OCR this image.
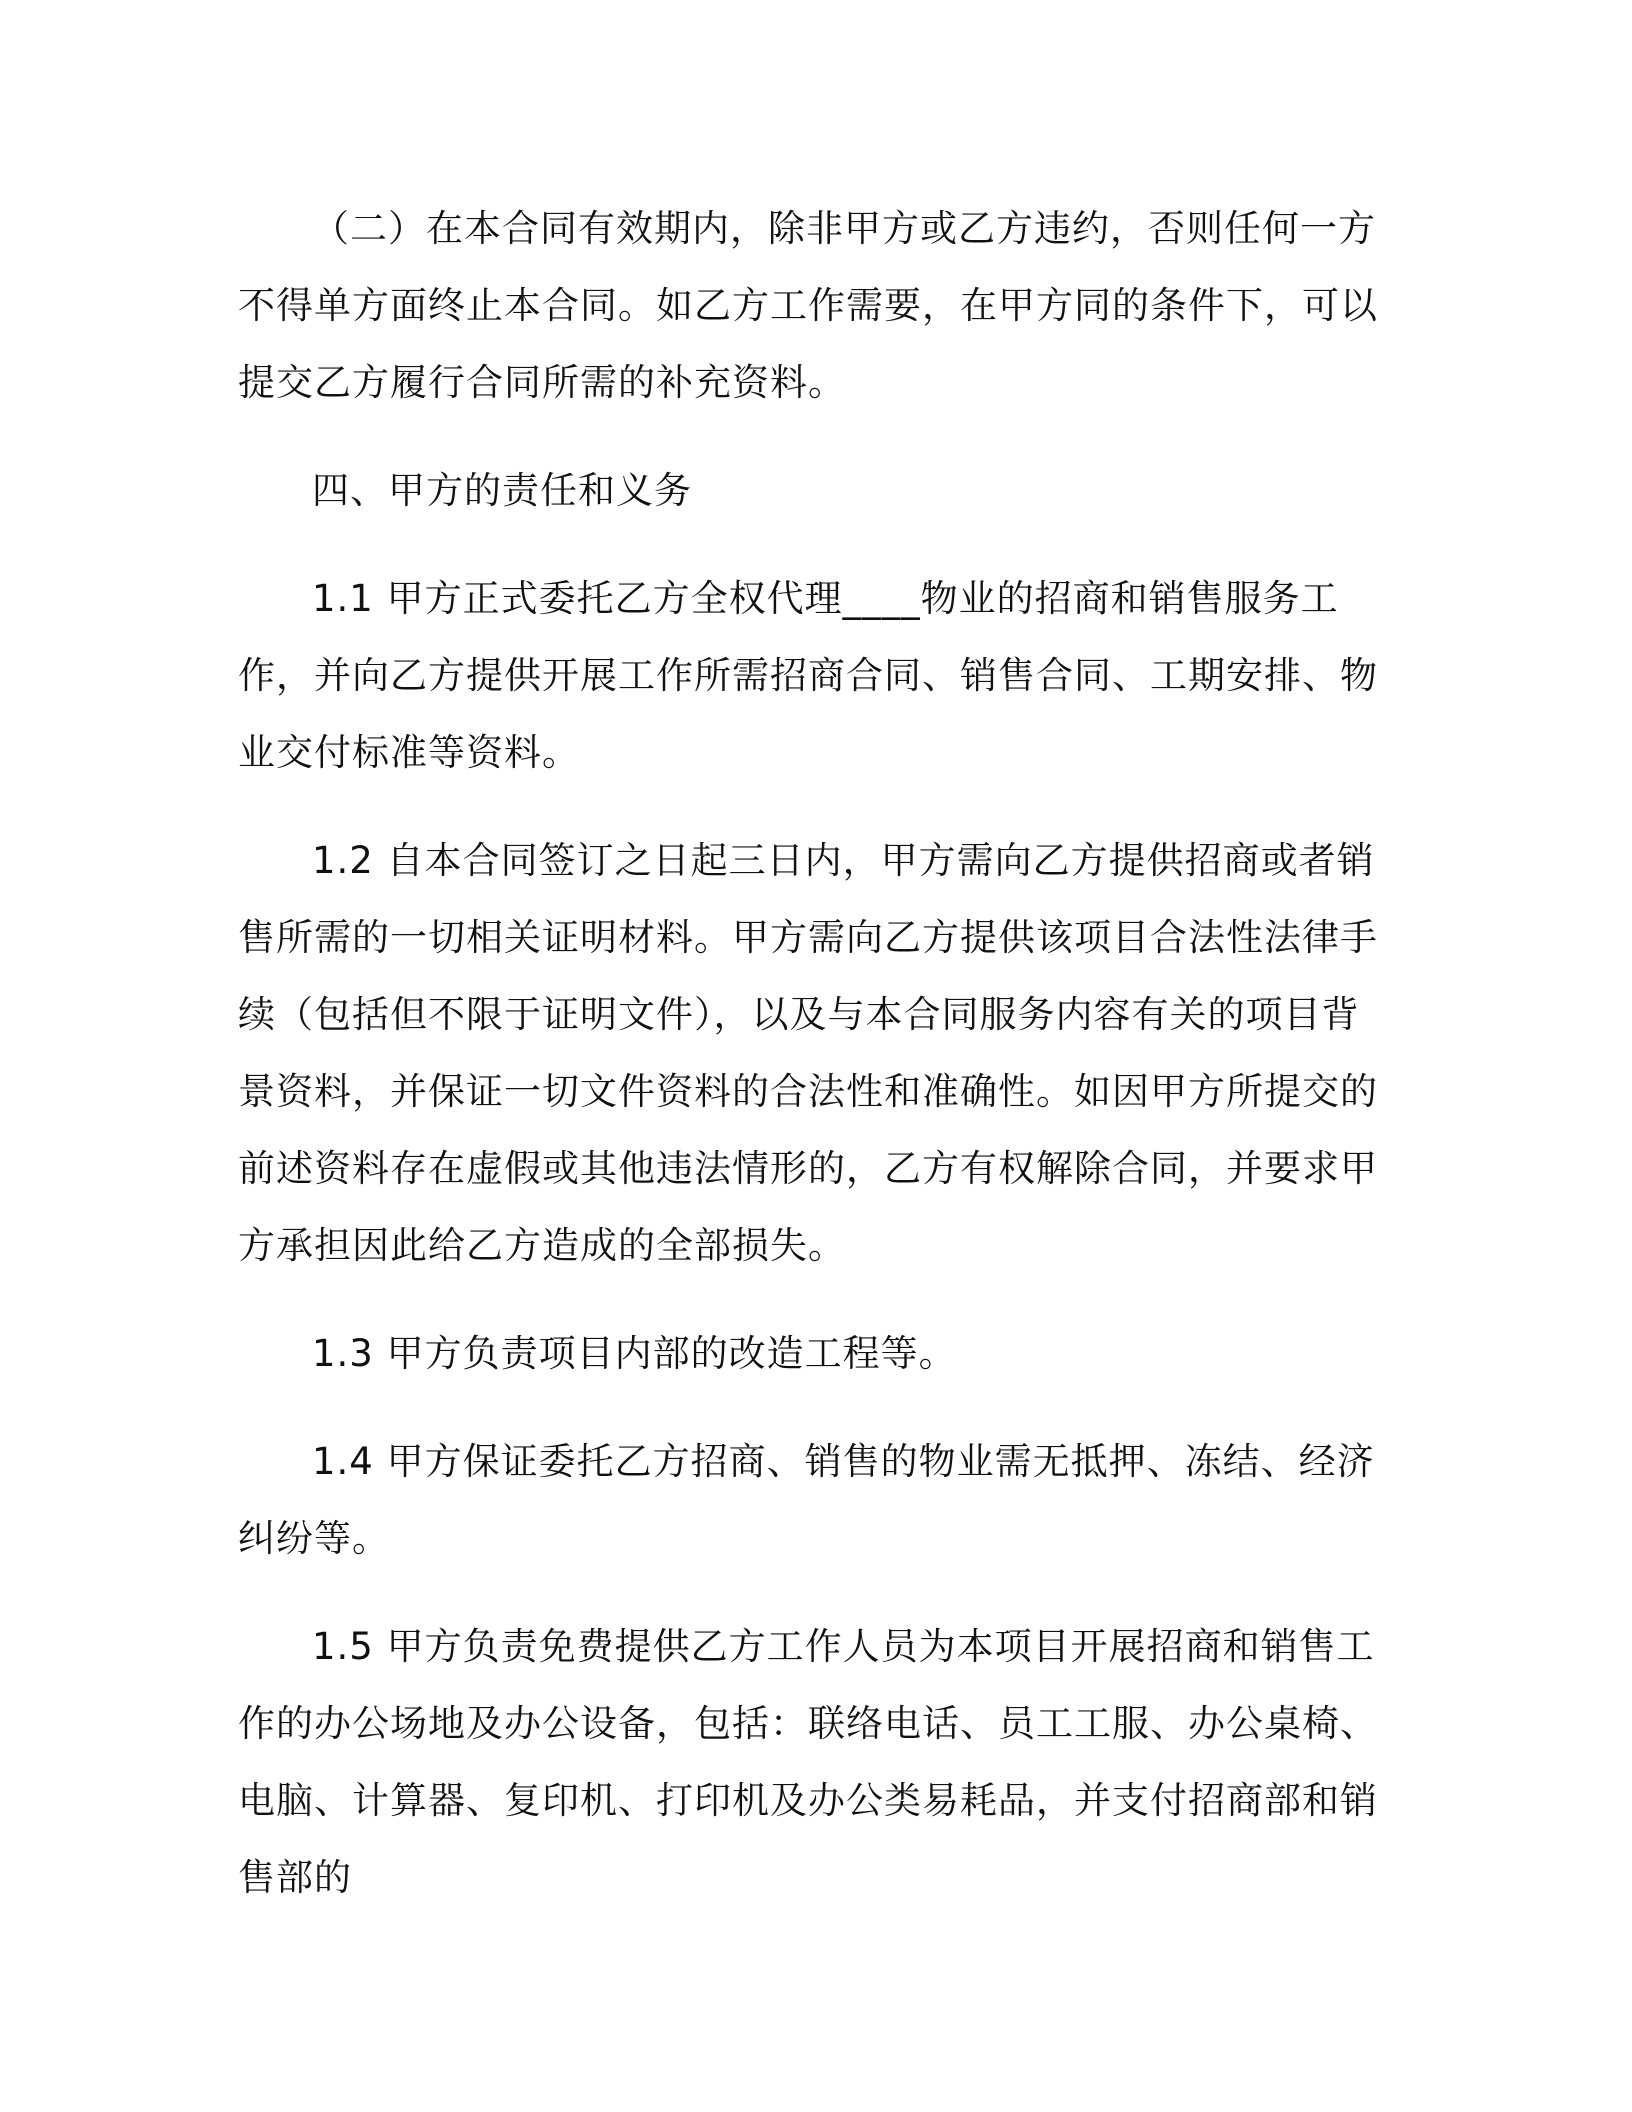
（二）在本合同有效期内，除非甲方或乙方违约，否则任何一方不得单方面终止本合同。如乙方工作需要，在甲方同的条件下，可以提交乙方履行合同所需的补充资料。

四、甲方的责任和义务

1.1 甲方正式委托乙方全权代理____物业的招商和销售服务工作，并向乙方提供开展工作所需招商合同、销售合同、工期安排、物业交付标准等资料。

1.2 自本合同签订之日起三日内，甲方需向乙方提供招商或者销售所需的一切相关证明材料。甲方需向乙方提供该项目合法性法律手续（包括但不限于证明文件），以及与本合同服务内容有关的项目背景资料，并保证一切文件资料的合法性和准确性。如因甲方所提交的前述资料存在虚假或其他违法情形的，乙方有权解除合同，并要求甲方承担因此给乙方造成的全部损失。

1.3 甲方负责项目内部的改造工程等。

1.4 甲方保证委托乙方招商、销售的物业需无抵押、冻结、经济纠纷等。

1.5 甲方负责免费提供乙方工作人员为本项目开展招商和销售工作的办公场地及办公设备，包括：联络电话、员工工服、办公桌椅、电脑、计算器、复印机、打印机及办公类易耗品，并支付招商部和销售部的
